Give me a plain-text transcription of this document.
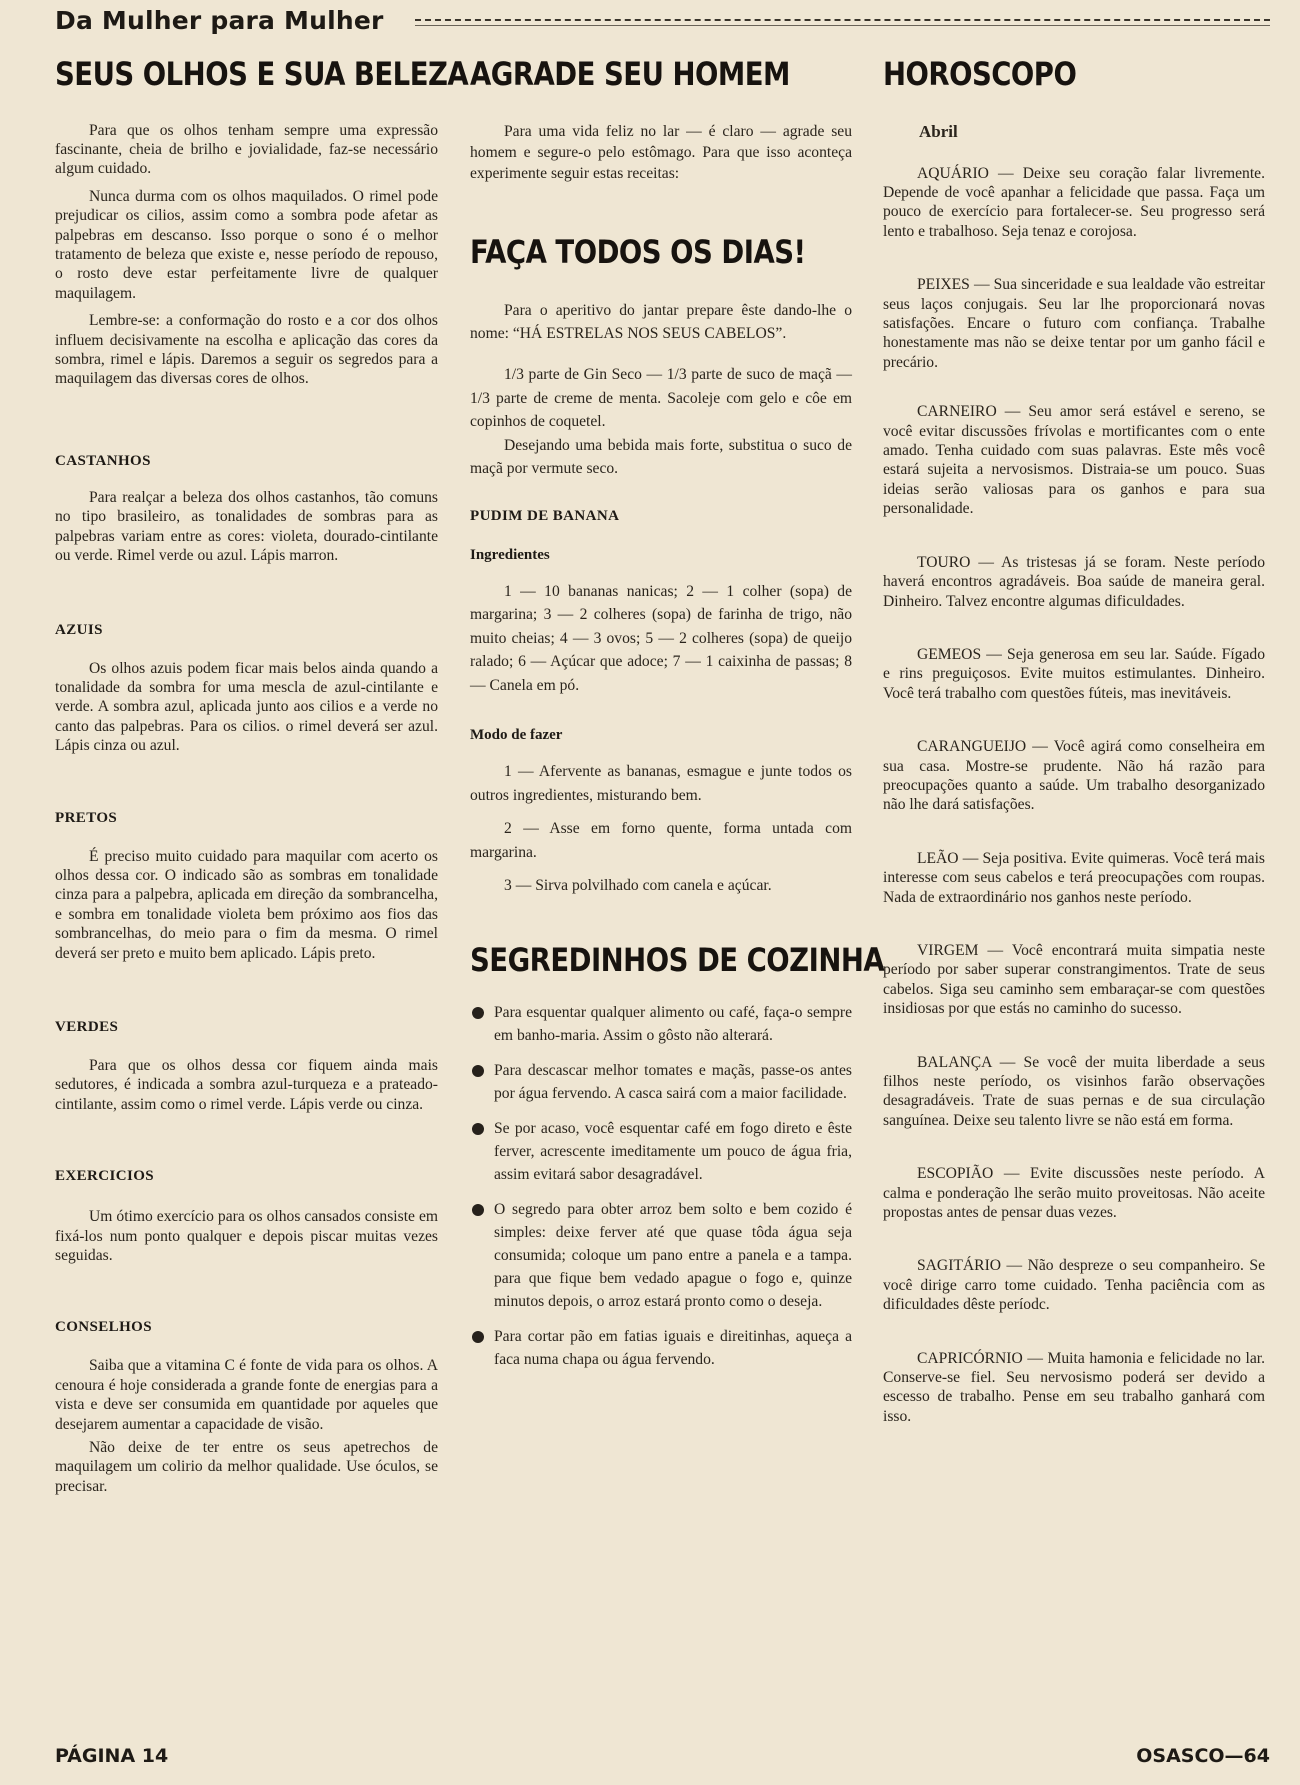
Da Mulher para Mulher
SEUS OLHOS E SUA BELEZA

Para que os olhos tenham sempre uma expressão fascinante, cheia de brilho e jovialidade, faz-se necessário algum cuidado.

Nunca durma com os olhos maquilados. O rimel pode prejudicar os cilios, assim como a sombra pode afetar as palpebras em descanso. Isso porque o sono é o melhor tratamento de beleza que existe e, nesse período de repouso, o rosto deve estar perfeitamente livre de qualquer maquilagem.

Lembre-se: a conformação do rosto e a cor dos olhos influem decisivamente na escolha e aplicação das cores da sombra, rimel e lápis. Daremos a seguir os segredos para a maquilagem das diversas cores de olhos.

CASTANHOS

Para realçar a beleza dos olhos castanhos, tão comuns no tipo brasileiro, as tonalidades de sombras para as palpebras variam entre as cores: violeta, dourado-cintilante ou verde. Rimel verde ou azul. Lápis marron.

AZUIS

Os olhos azuis podem ficar mais belos ainda quando a tonalidade da sombra for uma mescla de azul-cintilante e verde. A sombra azul, aplicada junto aos cilios e a verde no canto das palpebras. Para os cilios. o rimel deverá ser azul. Lápis cinza ou azul.

PRETOS

É preciso muito cuidado para maquilar com acerto os olhos dessa cor. O indicado são as sombras em tonalidade cinza para a palpebra, aplicada em direção da sombrancelha, e sombra em tonalidade violeta bem próximo aos fios das sombrancelhas, do meio para o fim da mesma. O rimel deverá ser preto e muito bem aplicado. Lápis preto.

VERDES

Para que os olhos dessa cor fiquem ainda mais sedutores, é indicada a sombra azul-turqueza e a prateado-cintilante, assim como o rimel verde. Lápis verde ou cinza.

EXERCICIOS

Um ótimo exercício para os olhos cansados consiste em fixá-los num ponto qualquer e depois piscar muitas vezes seguidas.

CONSELHOS

Saiba que a vitamina C é fonte de vida para os olhos. A cenoura é hoje considerada a grande fonte de energias para a vista e deve ser consumida em quantidade por aqueles que desejarem aumentar a capacidade de visão.

Não deixe de ter entre os seus apetrechos de maquilagem um colirio da melhor qualidade. Use óculos, se precisar.

AGRADE SEU HOMEM

Para uma vida feliz no lar — é claro — agrade seu homem e segure-o pelo estômago. Para que isso aconteça experimente seguir estas receitas:

FAÇA TODOS OS DIAS!

Para o aperitivo do jantar prepare êste dando-lhe o nome: “HÁ ESTRELAS NOS SEUS CABELOS”.

1/3 parte de Gin Seco — 1/3 parte de suco de maçã — 1/3 parte de creme de menta. Sacoleje com gelo e côe em copinhos de coquetel.

Desejando uma bebida mais forte, substitua o suco de maçã por vermute seco.

PUDIM DE BANANA
Ingredientes

1 — 10 bananas nanicas; 2 — 1 colher (sopa) de margarina; 3 — 2 colheres (sopa) de farinha de trigo, não muito cheias; 4 — 3 ovos; 5 — 2 colheres (sopa) de queijo ralado; 6 — Açúcar que adoce; 7 — 1 caixinha de passas; 8 — Canela em pó.

Modo de fazer

1 — Afervente as bananas, esmague e junte todos os outros ingredientes, misturando bem.

2 — Asse em forno quente, forma untada com margarina.

3 — Sirva polvilhado com canela e açúcar.

SEGREDINHOS DE COZINHA
Para esquentar qualquer alimento ou café, faça-o sempre em banho-maria. Assim o gôsto não alterará.
Para descascar melhor tomates e maçãs, passe-os antes por água fervendo. A casca sairá com a maior facilidade.
Se por acaso, você esquentar café em fogo direto e êste ferver, acrescente imeditamente um pouco de água fria, assim evitará sabor desagradável.
O segredo para obter arroz bem solto e bem cozido é simples: deixe ferver até que quase tôda água seja consumida; coloque um pano entre a panela e a tampa. para que fique bem vedado apague o fogo e, quinze minutos depois, o arroz estará pronto como o deseja.
Para cortar pão em fatias iguais e direitinhas, aqueça a faca numa chapa ou água fervendo.
HOROSCOPO
Abril

AQUÁRIO — Deixe seu coração falar livremente. Depende de você apanhar a felicidade que passa. Faça um pouco de exercício para fortalecer-se. Seu progresso será lento e trabalhoso. Seja tenaz e corojosa.

PEIXES — Sua sinceridade e sua lealdade vão estreitar seus laços conjugais. Seu lar lhe proporcionará novas satisfações. Encare o futuro com confiança. Trabalhe honestamente mas não se deixe tentar por um ganho fácil e precário.

CARNEIRO — Seu amor será estável e sereno, se você evitar discussões frívolas e mortificantes com o ente amado. Tenha cuidado com suas palavras. Este mês você estará sujeita a nervosismos. Distraia-se um pouco. Suas ideias serão valiosas para os ganhos e para sua personalidade.

TOURO — As tristesas já se foram. Neste período haverá encontros agradáveis. Boa saúde de maneira geral. Dinheiro. Talvez encontre algumas dificuldades.

GEMEOS — Seja generosa em seu lar. Saúde. Fígado e rins preguiçosos. Evite muitos estimulantes. Dinheiro. Você terá trabalho com questões fúteis, mas inevitáveis.

CARANGUEIJO — Você agirá como conselheira em sua casa. Mostre-se prudente. Não há razão para preocupações quanto a saúde. Um trabalho desorganizado não lhe dará satisfações.

LEÃO — Seja positiva. Evite quimeras. Você terá mais interesse com seus cabelos e terá preocupações com roupas. Nada de extraordinário nos ganhos neste período.

VIRGEM — Você encontrará muita simpatia neste período por saber superar constrangimentos. Trate de seus cabelos. Siga seu caminho sem embaraçar-se com questões insidiosas por que estás no caminho do sucesso.

BALANÇA — Se você der muita liberdade a seus filhos neste período, os visinhos farão observações desagradáveis. Trate de suas pernas e de sua circulação sanguínea. Deixe seu talento livre se não está em forma.

ESCOPIÃO — Evite discussões neste período. A calma e ponderação lhe serão muito proveitosas. Não aceite propostas antes de pensar duas vezes.

SAGITÁRIO — Não despreze o seu companheiro. Se você dirige carro tome cuidado. Tenha paciência com as dificuldades dêste períodc.

CAPRICÓRNIO — Muita hamonia e felicidade no lar. Conserve-se fiel. Seu nervosismo poderá ser devido a escesso de trabalho. Pense em seu trabalho ganhará com isso.

PÁGINA 14	OSASCO—64
